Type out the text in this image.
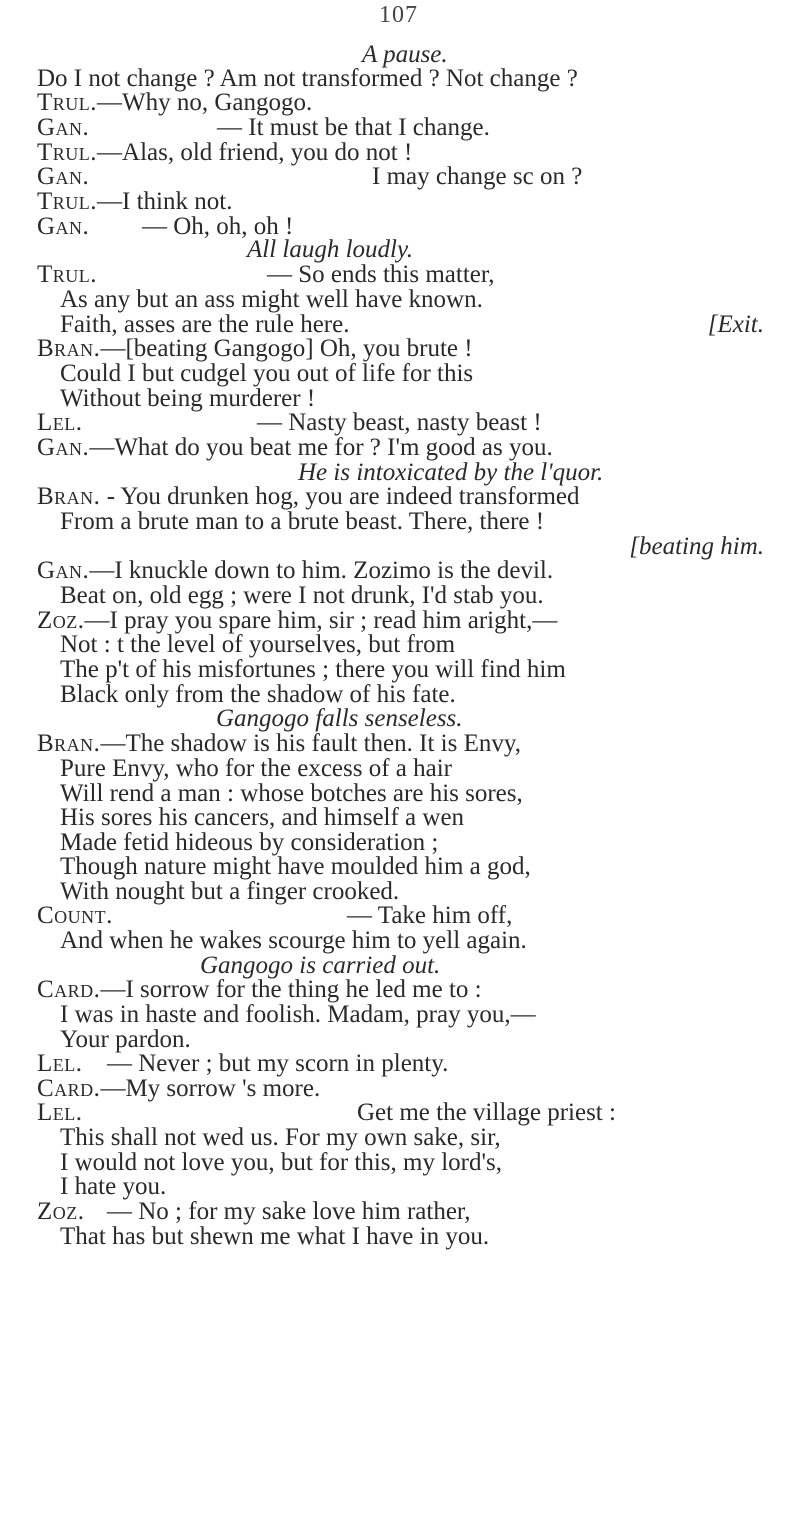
107
A pause.
Do I not change ? Am not transformed ? Not change ?
Trul.—Why no, Gangogo.
Gan.	— It must be that I change.
Trul.—Alas, old friend, you do not !
Gan.	I may change sc on ?
Trul.—I think not.
Gan. — Oh, oh, oh !
All laugh loudly.
Trul.	— So ends this matter,
As any but an ass might well have known.
Faith, asses are the rule here.	[Exit.
Bran.—[beating Gangogo] Oh, you brute !
Could I but cudgel you out of life for this
Without being murderer !
Lel.	— Nasty beast, nasty beast !
Gan.—What do you beat me for ? I'm good as you.
He is intoxicated by the l'quor.
Bran. - You drunken hog, you are indeed transformed
From a brute man to a brute beast. There, there !
[beating him.
Gan.—I knuckle down to him. Zozimo is the devil.
Beat on, old egg ; were I not drunk, I'd stab you.
Zoz.—I pray you spare him, sir ; read him aright,—
Not : t the level of yourselves, but from
The p't of his misfortunes ; there you will find him
Black only from the shadow of his fate.
Gangogo falls senseless.
Bran.—The shadow is his fault then. It is Envy,
Pure Envy, who for the excess of a hair
Will rend a man : whose botches are his sores,
His sores his cancers, and himself a wen
Made fetid hideous by consideration ;
Though nature might have moulded him a god,
With nought but a finger crooked.
Count.	— Take him off,
And when he wakes scourge him to yell again.
Gangogo is carried out.
Card.—I sorrow for the thing he led me to :
I was in haste and foolish. Madam, pray you,—
Your pardon.
Lel. — Never ; but my scorn in plenty.
Card.—My sorrow 's more.
Lel.	Get me the village priest :
This shall not wed us. For my own sake, sir,
I would not love you, but for this, my lord's,
I hate you.
Zoz. — No ; for my sake love him rather,
That has but shewn me what I have in you.
